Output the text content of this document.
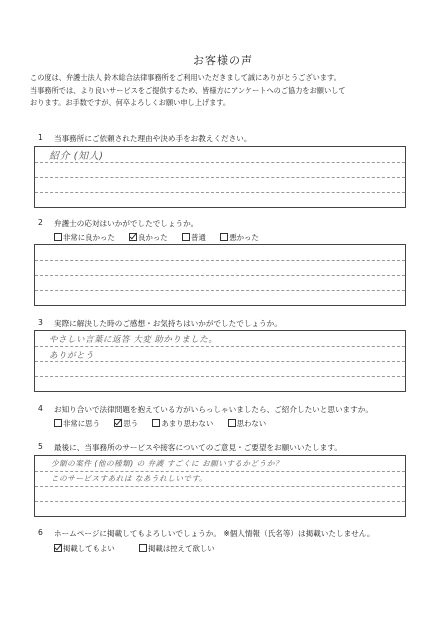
お客様の声
この度は、弁護士法人 鈴木総合法律事務所をご利用いただきまして誠にありがとうございます。
当事務所では、より良いサービスをご提供するため、皆様方にアンケートへのご協力をお願いして
おります。お手数ですが、何卒よろしくお願い申し上げます。
1 当事務所にご依頼された理由や決め手をお教えください。
紹介 (知人)
2 弁護士の応対はいかがでしたでしょうか。
非常に良かった	良かった	普通	悪かった
3 実際に解決した時のご感想・お気持ちはいかがでしたでしょうか。
やさしい言葉に返答 大変 助かりました。
ありがとう
4 お知り合いで法律問題を抱えている方がいらっしゃいましたら、ご紹介したいと思いますか。
非常に思う	思う	あまり思わない	思わない
5 最後に、当事務所のサービスや接客についてのご意見・ご要望をお願いいたします。
少額の案件 (他の種類) の 弁護 すごくに お願いするかどうか？
このサービスすあれは なあうれしいです。
6 ホームページに掲載してもよろしいでしょうか。 ※個人情報（氏名等）は掲載いたしません。
掲載してもよい	掲載は控えて欲しい
